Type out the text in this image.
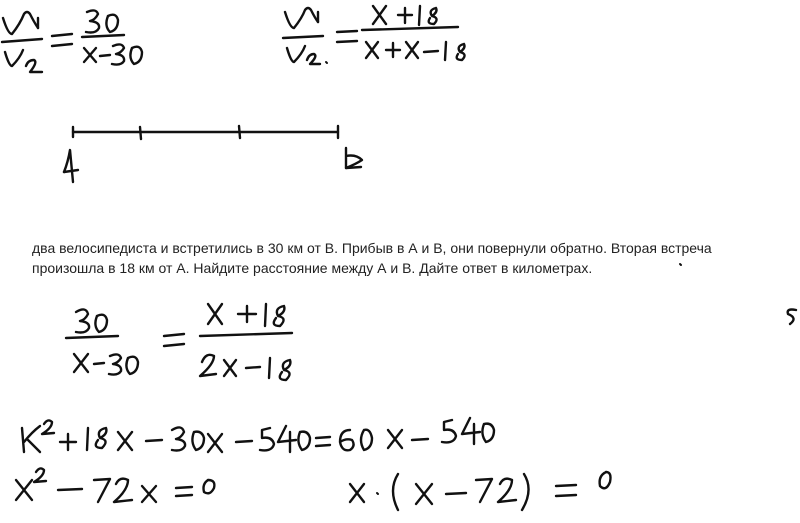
два велосипедиста и встретились в 30 км от В. Прибыв в А и В, они повернули обратно. Вторая встреча
произошла в 18 км от А. Найдите расстояние между А и В. Дайте ответ в километрах.
